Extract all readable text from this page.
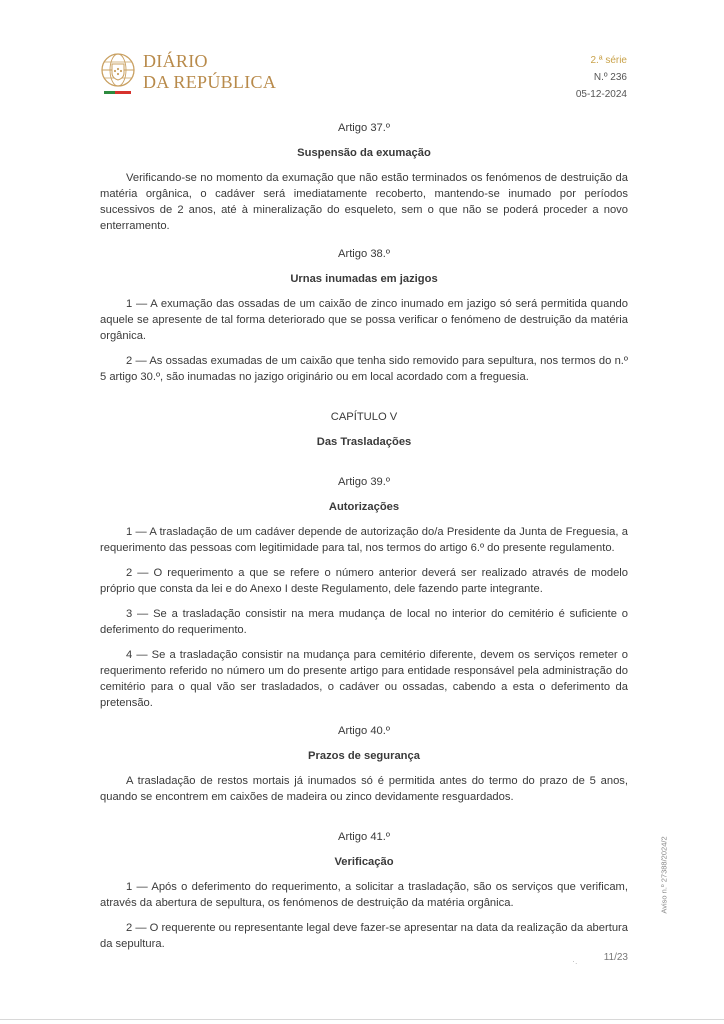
DIÁRIO
DA REPÚBLICA
2.ª série
N.º 236
05-12-2024

Artigo 37.º

Suspensão da exumação

Verificando-se no momento da exumação que não estão terminados os fenómenos de destruição da matéria orgânica, o cadáver será imediatamente recoberto, mantendo-se inumado por períodos sucessivos de 2 anos, até à mineralização do esqueleto, sem o que não se poderá proceder a novo enterramento.

Artigo 38.º

Urnas inumadas em jazigos

1 — A exumação das ossadas de um caixão de zinco inumado em jazigo só será permitida quando aquele se apresente de tal forma deteriorado que se possa verificar o fenómeno de destruição da matéria orgânica.

2 — As ossadas exumadas de um caixão que tenha sido removido para sepultura, nos termos do n.º 5 artigo 30.º, são inumadas no jazigo originário ou em local acordado com a freguesia.

CAPÍTULO V

Das Trasladações

Artigo 39.º

Autorizações

1 — A trasladação de um cadáver depende de autorização do/a Presidente da Junta de Freguesia, a requerimento das pessoas com legitimidade para tal, nos termos do artigo 6.º do presente regulamento.

2 — O requerimento a que se refere o número anterior deverá ser realizado através de modelo próprio que consta da lei e do Anexo I deste Regulamento, dele fazendo parte integrante.

3 — Se a trasladação consistir na mera mudança de local no interior do cemitério é suficiente o deferimento do requerimento.

4 — Se a trasladação consistir na mudança para cemitério diferente, devem os serviços remeter o requerimento referido no número um do presente artigo para entidade responsável pela administração do cemitério para o qual vão ser trasladados, o cadáver ou ossadas, cabendo a esta o deferimento da pretensão.

Artigo 40.º

Prazos de segurança

A trasladação de restos mortais já inumados só é permitida antes do termo do prazo de 5 anos, quando se encontrem em caixões de madeira ou zinco devidamente resguardados.

Artigo 41.º

Verificação

1 — Após o deferimento do requerimento, a solicitar a trasladação, são os serviços que verificam, através da abertura de sepultura, os fenómenos de destruição da matéria orgânica.

2 — O requerente ou representante legal deve fazer-se apresentar na data da realização da abertura da sepultura.

Aviso n.º 27388/2024/2
·.	11/23
